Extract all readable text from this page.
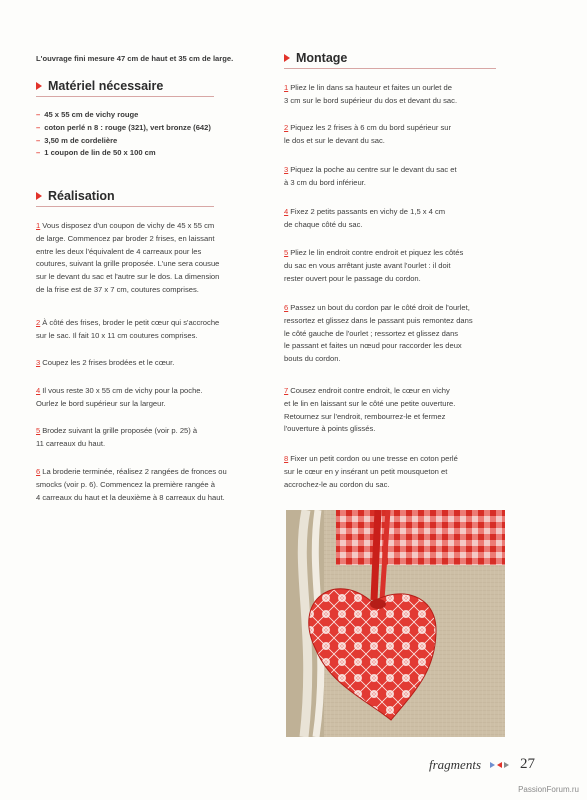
L'ouvrage fini mesure 47 cm de haut et 35 cm de large.
Matériel nécessaire
– 45 x 55 cm de vichy rouge
– coton perlé n 8 : rouge (321), vert bronze (642)
– 3,50 m de cordelière
– 1 coupon de lin de 50 x 100 cm
Réalisation
1 Vous disposez d'un coupon de vichy de 45 x 55 cm
de large. Commencez par broder 2 frises, en laissant
entre les deux l'équivalent de 4 carreaux pour les
coutures, suivant la grille proposée. L'une sera cousue
sur le devant du sac et l'autre sur le dos. La dimension
de la frise est de 37 x 7 cm, coutures comprises.
2 À côté des frises, broder le petit cœur qui s'accroche
sur le sac. Il fait 10 x 11 cm coutures comprises.
3 Coupez les 2 frises brodées et le cœur.
4 Il vous reste 30 x 55 cm de vichy pour la poche.
Ourlez le bord supérieur sur la largeur.
5 Brodez suivant la grille proposée (voir p. 25) à
11 carreaux du haut.
6 La broderie terminée, réalisez 2 rangées de fronces ou
smocks (voir p. 6). Commencez la première rangée à
4 carreaux du haut et la deuxième à 8 carreaux du haut.
Montage
1 Pliez le lin dans sa hauteur et faites un ourlet de
3 cm sur le bord supérieur du dos et devant du sac.
2 Piquez les 2 frises à 6 cm du bord supérieur sur
le dos et sur le devant du sac.
3 Piquez la poche au centre sur le devant du sac et
à 3 cm du bord inférieur.
4 Fixez 2 petits passants en vichy de 1,5 x 4 cm
de chaque côté du sac.
5 Pliez le lin endroit contre endroit et piquez les côtés
du sac en vous arrêtant juste avant l'ourlet : il doit
rester ouvert pour le passage du cordon.
6 Passez un bout du cordon par le côté droit de l'ourlet,
ressortez et glissez dans le passant puis remontez dans
le côté gauche de l'ourlet ; ressortez et glissez dans
le passant et faites un nœud pour raccorder les deux
bouts du cordon.
7 Cousez endroit contre endroit, le cœur en vichy
et le lin en laissant sur le côté une petite ouverture.
Retournez sur l'endroit, rembourrez-le et fermez
l'ouverture à points glissés.
8 Fixer un petit cordon ou une tresse en coton perlé
sur le cœur en y insérant un petit mousqueton et
accrochez-le au cordon du sac.
fragments	27
PassionForum.ru
